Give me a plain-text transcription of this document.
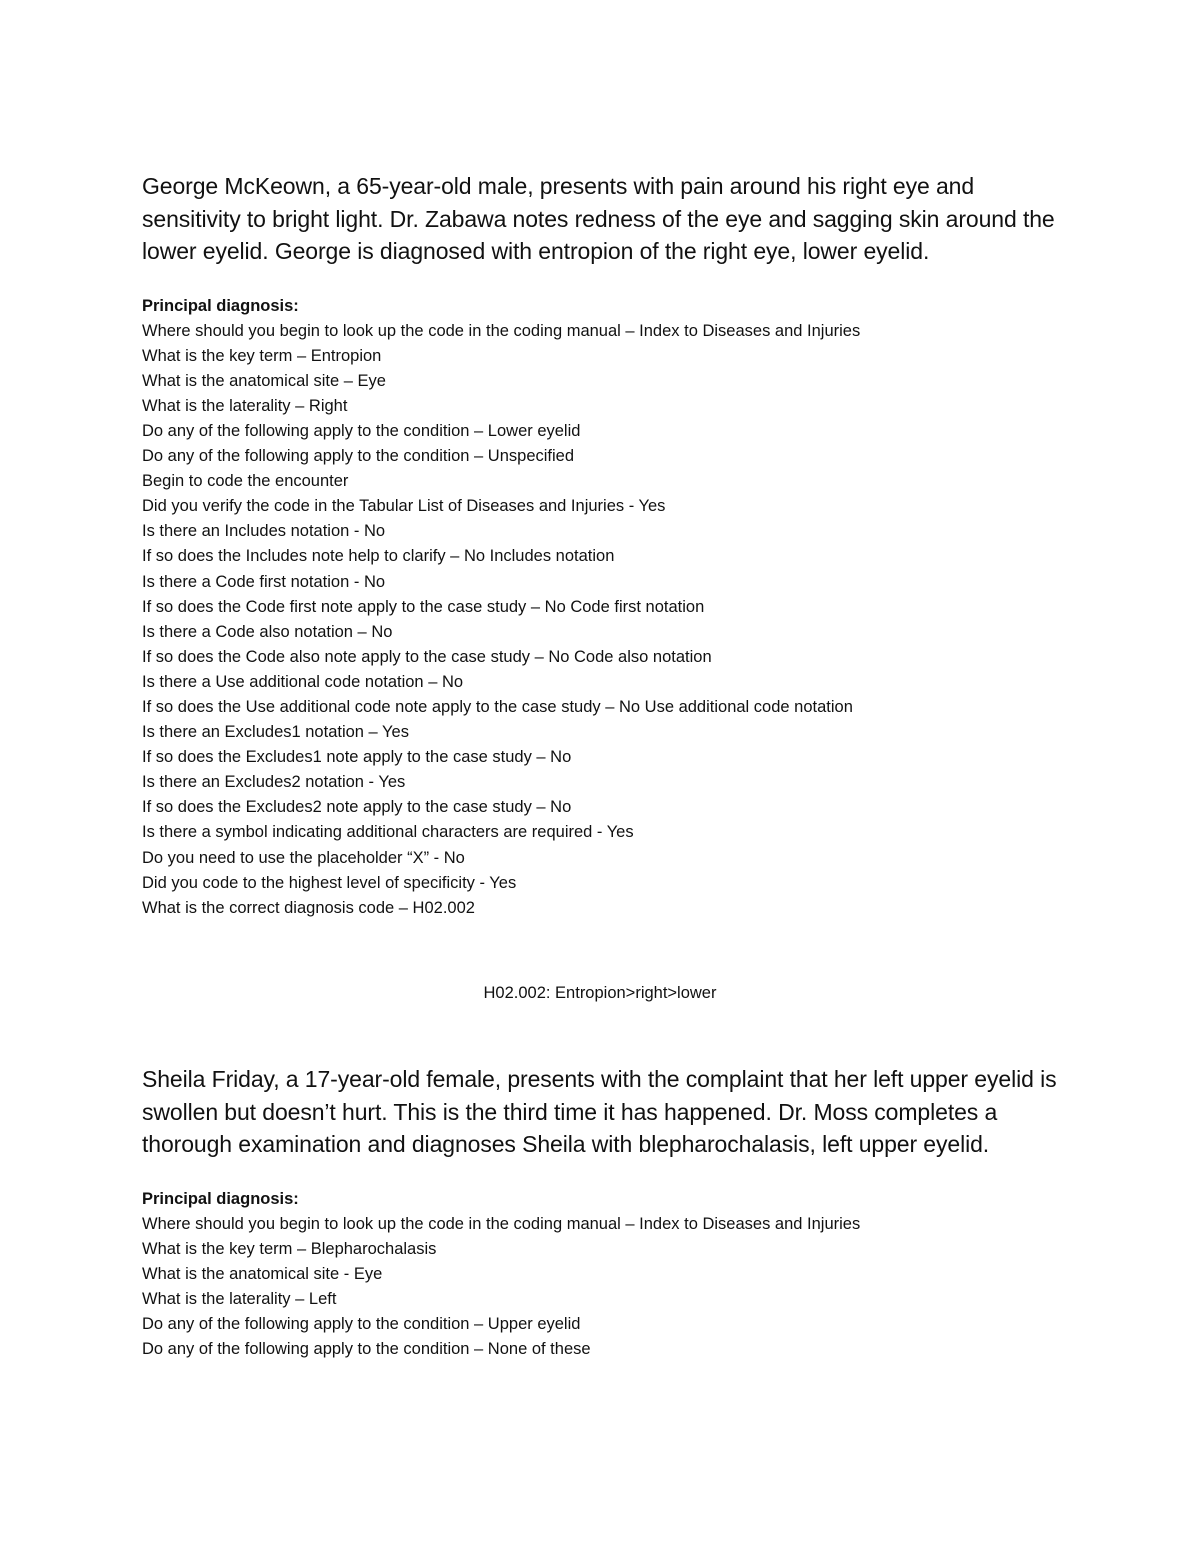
George McKeown, a 65-year-old male, presents with pain around his right eye and sensitivity to bright light. Dr. Zabawa notes redness of the eye and sagging skin around the lower eyelid. George is diagnosed with entropion of the right eye, lower eyelid.

Principal diagnosis:

Where should you begin to look up the code in the coding manual – Index to Diseases and Injuries
What is the key term – Entropion
What is the anatomical site – Eye
What is the laterality – Right
Do any of the following apply to the condition – Lower eyelid
Do any of the following apply to the condition – Unspecified
Begin to code the encounter
Did you verify the code in the Tabular List of Diseases and Injuries - Yes
Is there an Includes notation - No
If so does the Includes note help to clarify – No Includes notation
Is there a Code first notation - No
If so does the Code first note apply to the case study – No Code first notation
Is there a Code also notation – No
If so does the Code also note apply to the case study – No Code also notation
Is there a Use additional code notation – No
If so does the Use additional code note apply to the case study – No Use additional code notation
Is there an Excludes1 notation – Yes
If so does the Excludes1 note apply to the case study – No
Is there an Excludes2 notation - Yes
If so does the Excludes2 note apply to the case study – No
Is there a symbol indicating additional characters are required - Yes
Do you need to use the placeholder “X” - No
Did you code to the highest level of specificity - Yes
What is the correct diagnosis code – H02.002

H02.002: Entropion>right>lower

Sheila Friday, a 17-year-old female, presents with the complaint that her left upper eyelid is swollen but doesn’t hurt. This is the third time it has happened. Dr. Moss completes a thorough examination and diagnoses Sheila with blepharochalasis, left upper eyelid.

Principal diagnosis:

Where should you begin to look up the code in the coding manual – Index to Diseases and Injuries
What is the key term – Blepharochalasis
What is the anatomical site - Eye
What is the laterality – Left
Do any of the following apply to the condition – Upper eyelid
Do any of the following apply to the condition – None of these
